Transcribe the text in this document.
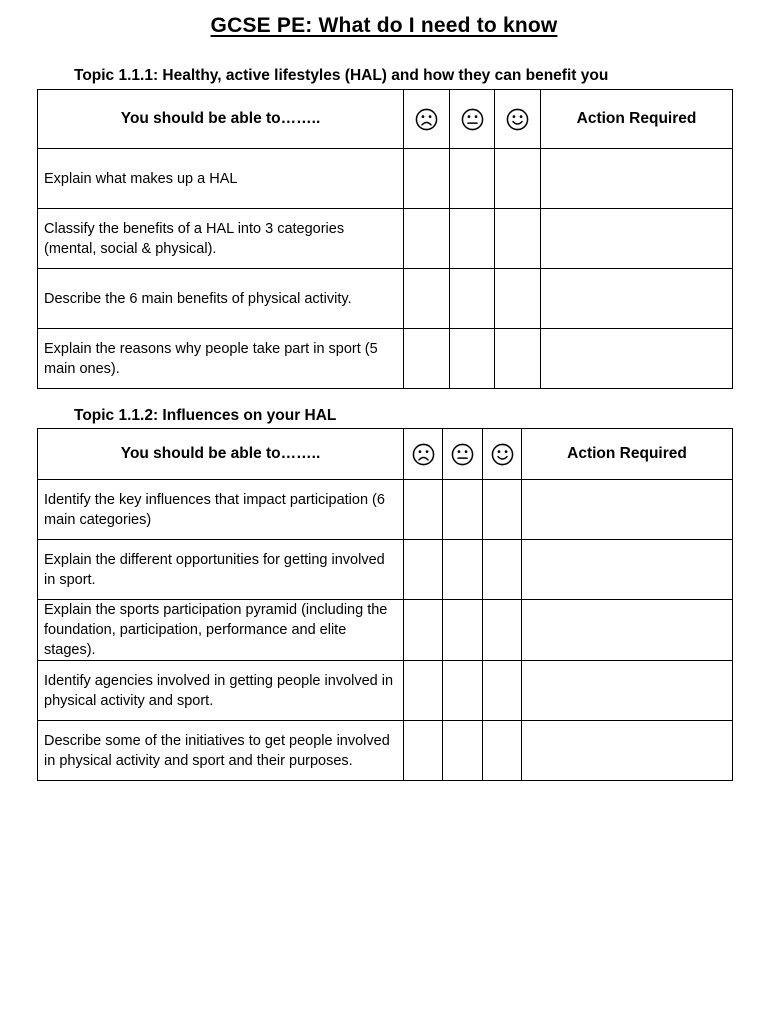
GCSE PE: What do I need to know
Topic 1.1.1: Healthy, active lifestyles (HAL) and how they can benefit you
You should be able to……..				Action Required
Explain what makes up a HAL				
Classify the benefits of a HAL into 3 categories (mental, social & physical).				
Describe the 6 main benefits of physical activity.				
Explain the reasons why people take part in sport (5 main ones).				
Topic 1.1.2: Influences on your HAL
You should be able to……..				Action Required
Identify the key influences that impact participation (6 main categories)				
Explain the different opportunities for getting involved in sport.				
Explain the sports participation pyramid (including the foundation, participation, performance and elite stages).				
Identify agencies involved in getting people involved in physical activity and sport.				
Describe some of the initiatives to get people involved in physical activity and sport and their purposes.				
